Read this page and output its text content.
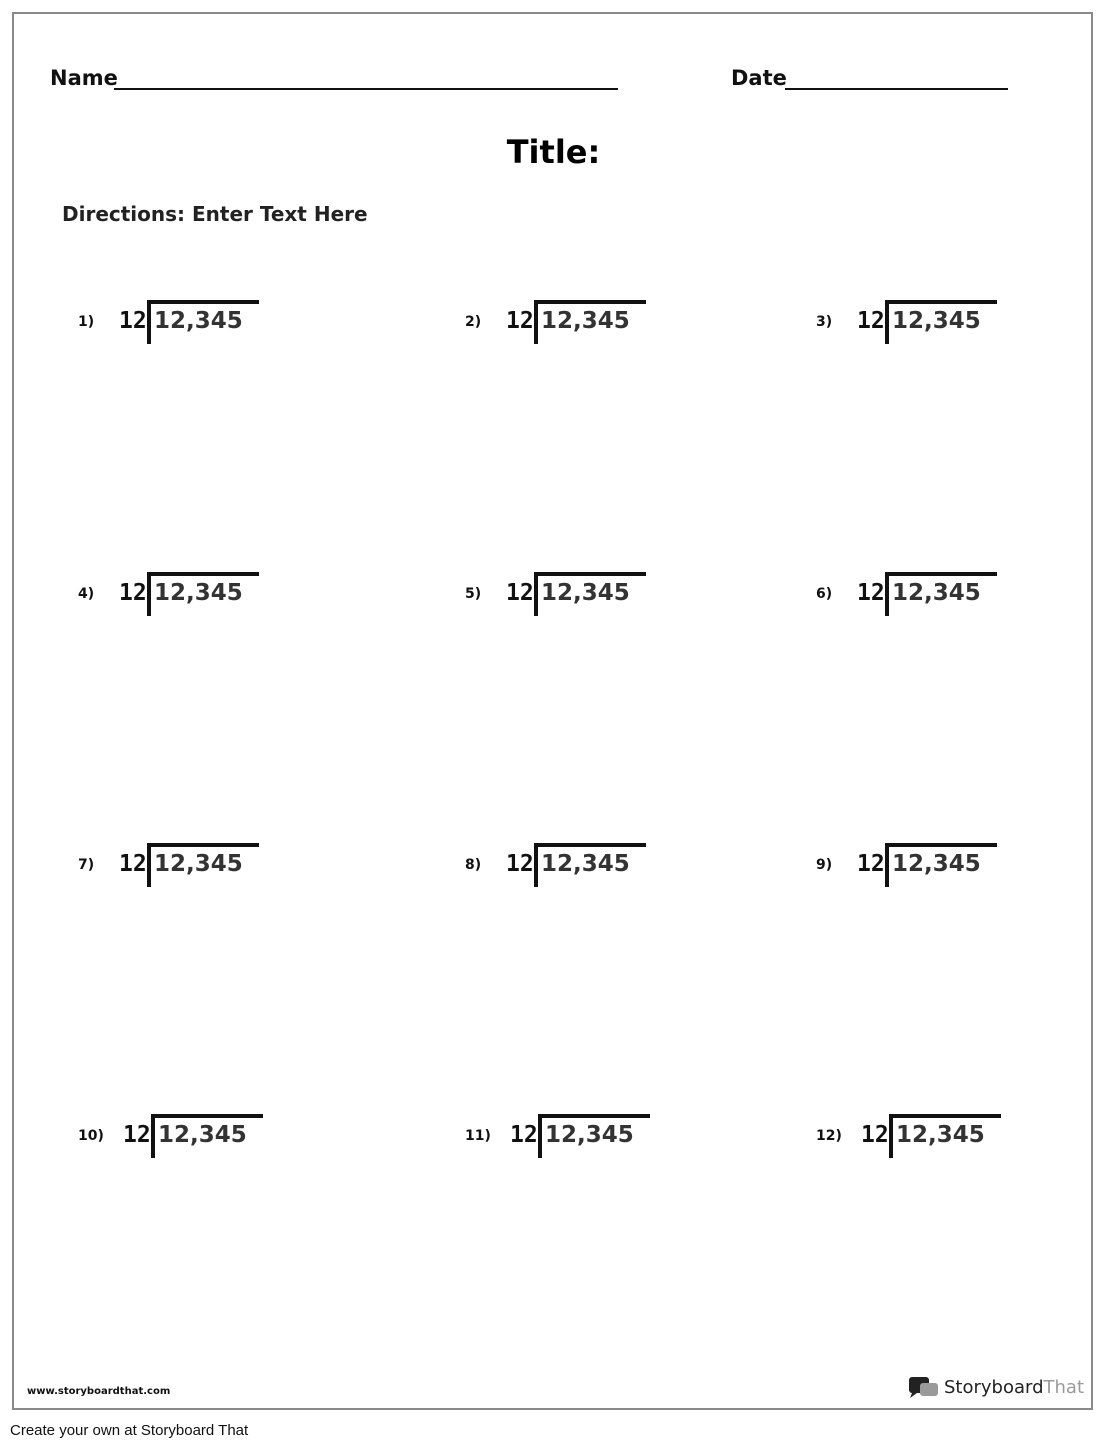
Name	Date
Title:
Directions: Enter Text Here
1) 12 12,345	2) 12 12,345	3) 12 12,345
4) 12 12,345	5) 12 12,345	6) 12 12,345
7) 12 12,345	8) 12 12,345	9) 12 12,345
10) 12 12,345	11) 12 12,345	12) 12 12,345
www.storyboardthat.com	StoryboardThat
Create your own at Storyboard That
